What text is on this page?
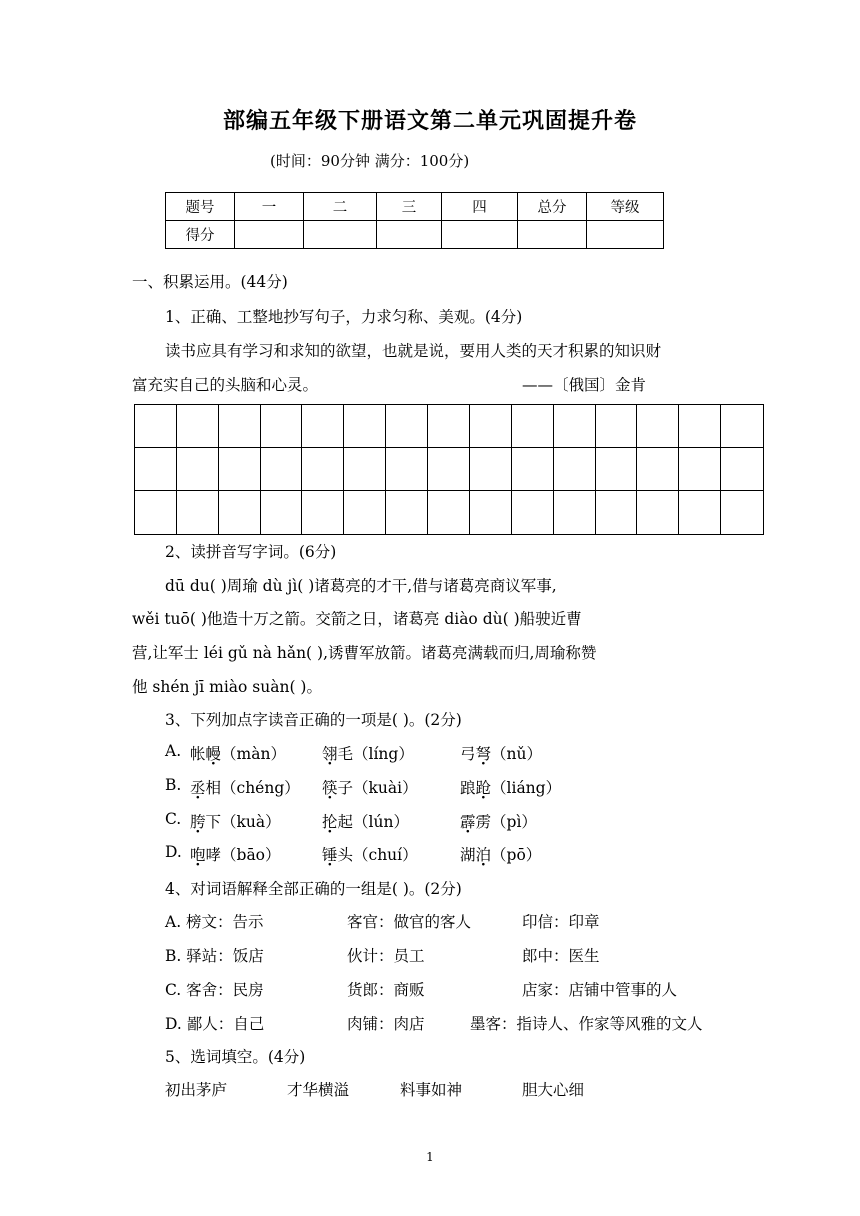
部编五年级下册语文第二单元巩固提升卷
(时间：90分钟 满分：100分)
题号	一	二	三	四	总分	等级
得分						
一、积累运用。(44分)
1、正确、工整地抄写句子，力求匀称、美观。(4分)
读书应具有学习和求知的欲望，也就是说，要用人类的天才积累的知识财
富充实自己的头脑和心灵。	——〔俄国〕金肯
2、读拼音写字词。(6分)
dū du( )周瑜 dù jì( )诸葛亮的才干,借与诸葛亮商议军事,
wěi tuō( )他造十万之箭。交箭之日，诸葛亮 diào dù( )船驶近曹
营,让军士 léi gǔ nà hǎn( ),诱曹军放箭。诸葛亮满载而归,周瑜称赞
他 shén jī miào suàn( )。
3、下列加点字读音正确的一项是( )。(2分)
A. 帐幔（màn） 翎毛（líng）	弓弩（nǔ）
B. 丞相（chéng） 筷子（kuài）	踉跄（liáng）
C. 胯下（kuà）	抡起（lún）	霹雳（pì）
D. 咆哮（bāo）	锤头（chuí）	湖泊（pō）
4、对词语解释全部正确的一组是( )。(2分)
A. 榜文：告示	客官：做官的客人	印信：印章
B. 驿站：饭店	伙计：员工	郎中：医生
C. 客舍：民房	货郎：商贩	店家：店铺中管事的人
D. 鄙人：自己	肉铺：肉店	墨客：指诗人、作家等风雅的文人
5、选词填空。(4分)
初出茅庐	才华横溢	料事如神	胆大心细
1
